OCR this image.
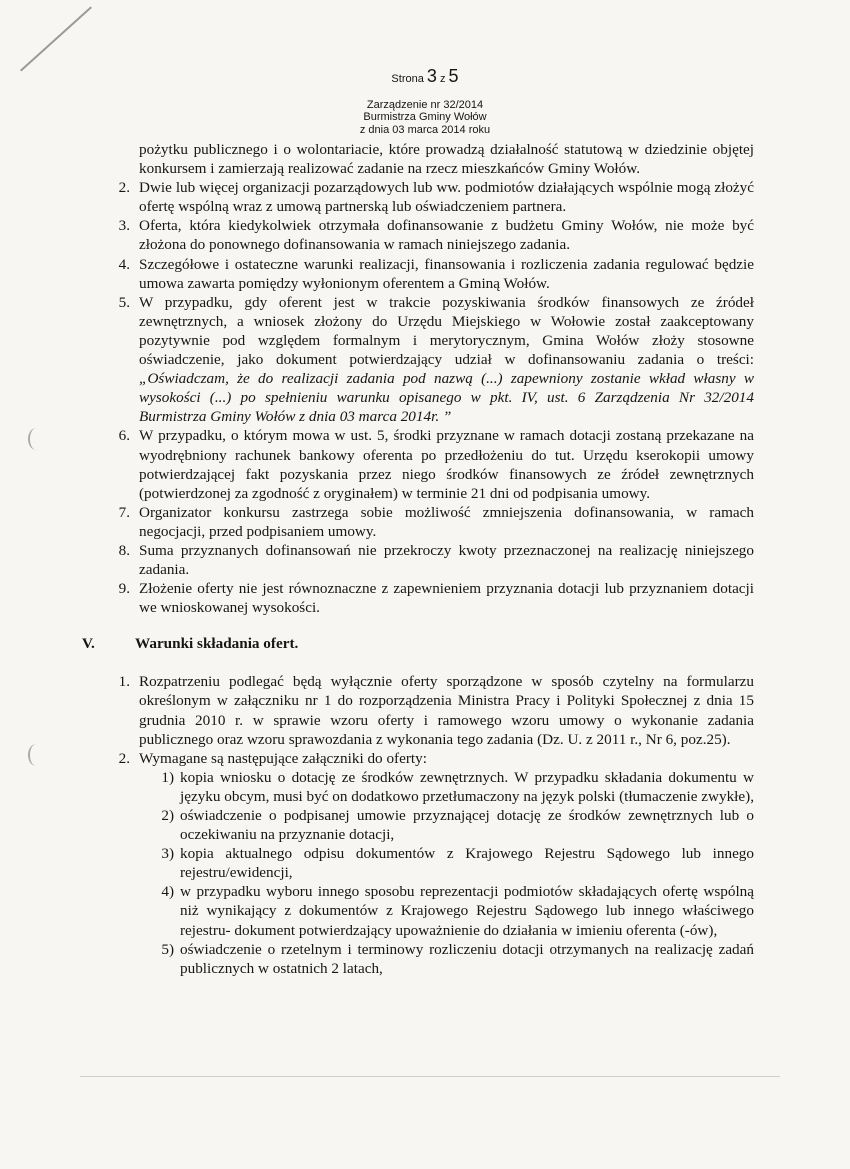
Strona 3 z 5
Zarządzenie nr 32/2014
Burmistrza Gminy Wołów
z dnia 03 marca 2014 roku

pożytku publicznego i o wolontariacie, które prowadzą działalność statutową w dziedzinie objętej konkursem i zamierzają realizować zadanie na rzecz mieszkańców Gminy Wołów.

2. Dwie lub więcej organizacji pozarządowych lub ww. podmiotów działających wspólnie mogą złożyć ofertę wspólną wraz z umową partnerską lub oświadczeniem partnera.

3. Oferta, która kiedykolwiek otrzymała dofinansowanie z budżetu Gminy Wołów, nie może być złożona do ponownego dofinansowania w ramach niniejszego zadania.

4. Szczegółowe i ostateczne warunki realizacji, finansowania i rozliczenia zadania regulować będzie umowa zawarta pomiędzy wyłonionym oferentem a Gminą Wołów.

5. W przypadku, gdy oferent jest w trakcie pozyskiwania środków finansowych ze źródeł zewnętrznych, a wniosek złożony do Urzędu Miejskiego w Wołowie został zaakceptowany pozytywnie pod względem formalnym i merytorycznym, Gmina Wołów złoży stosowne oświadczenie, jako dokument potwierdzający udział w dofinansowaniu zadania o treści: „Oświadczam, że do realizacji zadania pod nazwą (...) zapewniony zostanie wkład własny w wysokości (...) po spełnieniu warunku opisanego w pkt. IV, ust. 6 Zarządzenia Nr 32/2014 Burmistrza Gminy Wołów z dnia 03 marca 2014r. ”

6. W przypadku, o którym mowa w ust. 5, środki przyznane w ramach dotacji zostaną przekazane na wyodrębniony rachunek bankowy oferenta po przedłożeniu do tut. Urzędu kserokopii umowy potwierdzającej fakt pozyskania przez niego środków finansowych ze źródeł zewnętrznych (potwierdzonej za zgodność z oryginałem) w terminie 21 dni od podpisania umowy.

7. Organizator konkursu zastrzega sobie możliwość zmniejszenia dofinansowania, w ramach negocjacji, przed podpisaniem umowy.

8. Suma przyznanych dofinansowań nie przekroczy kwoty przeznaczonej na realizację niniejszego zadania.

9. Złożenie oferty nie jest równoznaczne z zapewnieniem przyznania dotacji lub przyznaniem dotacji we wnioskowanej wysokości.

V.	Warunki składania ofert.

1. Rozpatrzeniu podlegać będą wyłącznie oferty sporządzone w sposób czytelny na formularzu określonym w załączniku nr 1 do rozporządzenia Ministra Pracy i Polityki Społecznej z dnia 15 grudnia 2010 r. w sprawie wzoru oferty i ramowego wzoru umowy o wykonanie zadania publicznego oraz wzoru sprawozdania z wykonania tego zadania (Dz. U. z 2011 r., Nr 6, poz.25).

2. Wymagane są następujące załączniki do oferty:

1) kopia wniosku o dotację ze środków zewnętrznych. W przypadku składania dokumentu w języku obcym, musi być on dodatkowo przetłumaczony na język polski (tłumaczenie zwykłe),

2) oświadczenie o podpisanej umowie przyznającej dotację ze środków zewnętrznych lub o oczekiwaniu na przyznanie dotacji,

3) kopia aktualnego odpisu dokumentów z Krajowego Rejestru Sądowego lub innego rejestru/ewidencji,

4) w przypadku wyboru innego sposobu reprezentacji podmiotów składających ofertę wspólną niż wynikający z dokumentów z Krajowego Rejestru Sądowego lub innego właściwego rejestru- dokument potwierdzający upoważnienie do działania w imieniu oferenta (-ów),

5) oświadczenie o rzetelnym i terminowy rozliczeniu dotacji otrzymanych na realizację zadań publicznych w ostatnich 2 latach,
